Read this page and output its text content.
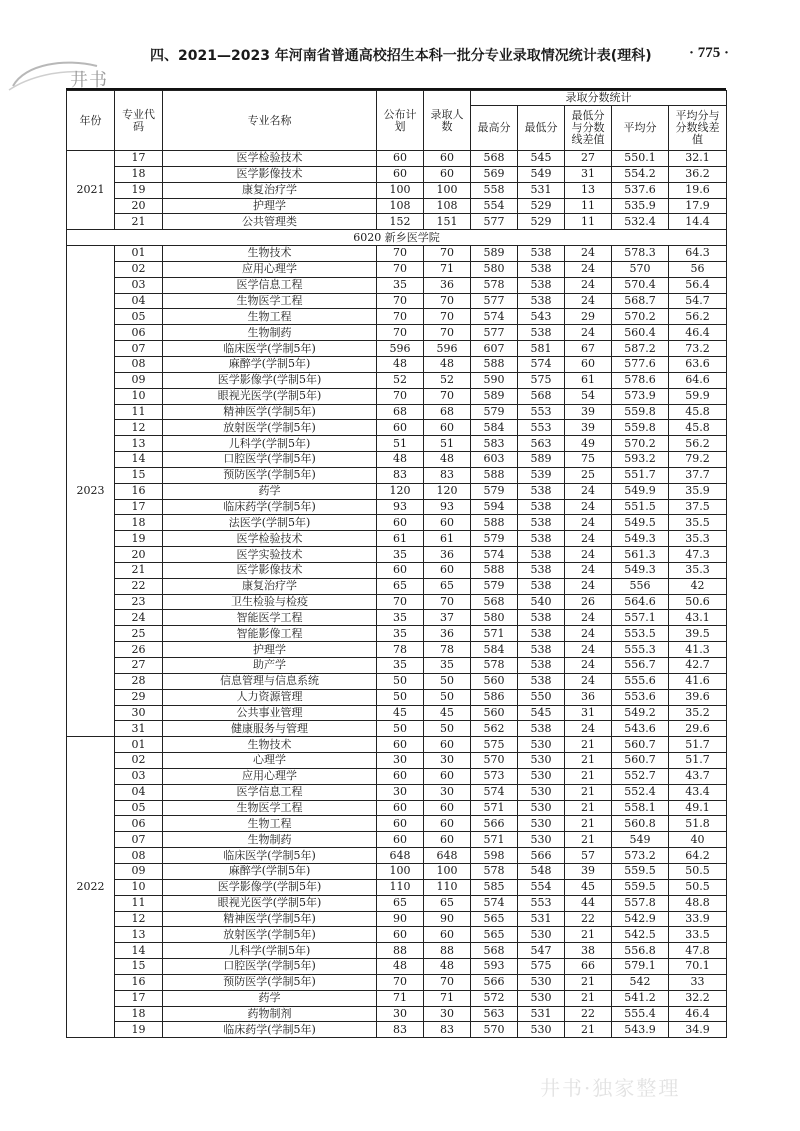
四、2021—2023 年河南省普通高校招生本科一批分专业录取情况统计表(理科) · 775 ·
井书
井书·独家整理
年份	专业代码	专业名称	公布计划	录取人数	录取分数统计				
					最高分	最低分	最低分与分数线差值	平均分	平均分与分数线差值
2021	17	医学检验技术	60	60	568	545	27	550.1	32.1
	18	医学影像技术	60	60	569	549	31	554.2	36.2
	19	康复治疗学	100	100	558	531	13	537.6	19.6
	20	护理学	108	108	554	529	11	535.9	17.9
	21	公共管理类	152	151	577	529	11	532.4	14.4
6020 新乡医学院									
2023	01	生物技术	70	70	589	538	24	578.3	64.3
	02	应用心理学	70	71	580	538	24	570	56
	03	医学信息工程	35	36	578	538	24	570.4	56.4
	04	生物医学工程	70	70	577	538	24	568.7	54.7
	05	生物工程	70	70	574	543	29	570.2	56.2
	06	生物制药	70	70	577	538	24	560.4	46.4
	07	临床医学(学制5年)	596	596	607	581	67	587.2	73.2
	08	麻醉学(学制5年)	48	48	588	574	60	577.6	63.6
	09	医学影像学(学制5年)	52	52	590	575	61	578.6	64.6
	10	眼视光医学(学制5年)	70	70	589	568	54	573.9	59.9
	11	精神医学(学制5年)	68	68	579	553	39	559.8	45.8
	12	放射医学(学制5年)	60	60	584	553	39	559.8	45.8
	13	儿科学(学制5年)	51	51	583	563	49	570.2	56.2
	14	口腔医学(学制5年)	48	48	603	589	75	593.2	79.2
	15	预防医学(学制5年)	83	83	588	539	25	551.7	37.7
	16	药学	120	120	579	538	24	549.9	35.9
	17	临床药学(学制5年)	93	93	594	538	24	551.5	37.5
	18	法医学(学制5年)	60	60	588	538	24	549.5	35.5
	19	医学检验技术	61	61	579	538	24	549.3	35.3
	20	医学实验技术	35	36	574	538	24	561.3	47.3
	21	医学影像技术	60	60	588	538	24	549.3	35.3
	22	康复治疗学	65	65	579	538	24	556	42
	23	卫生检验与检疫	70	70	568	540	26	564.6	50.6
	24	智能医学工程	35	37	580	538	24	557.1	43.1
	25	智能影像工程	35	36	571	538	24	553.5	39.5
	26	护理学	78	78	584	538	24	555.3	41.3
	27	助产学	35	35	578	538	24	556.7	42.7
	28	信息管理与信息系统	50	50	560	538	24	555.6	41.6
	29	人力资源管理	50	50	586	550	36	553.6	39.6
	30	公共事业管理	45	45	560	545	31	549.2	35.2
	31	健康服务与管理	50	50	562	538	24	543.6	29.6
2022	01	生物技术	60	60	575	530	21	560.7	51.7
	02	心理学	30	30	570	530	21	560.7	51.7
	03	应用心理学	60	60	573	530	21	552.7	43.7
	04	医学信息工程	30	30	574	530	21	552.4	43.4
	05	生物医学工程	60	60	571	530	21	558.1	49.1
	06	生物工程	60	60	566	530	21	560.8	51.8
	07	生物制药	60	60	571	530	21	549	40
	08	临床医学(学制5年)	648	648	598	566	57	573.2	64.2
	09	麻醉学(学制5年)	100	100	578	548	39	559.5	50.5
	10	医学影像学(学制5年)	110	110	585	554	45	559.5	50.5
	11	眼视光医学(学制5年)	65	65	574	553	44	557.8	48.8
	12	精神医学(学制5年)	90	90	565	531	22	542.9	33.9
	13	放射医学(学制5年)	60	60	565	530	21	542.5	33.5
	14	儿科学(学制5年)	88	88	568	547	38	556.8	47.8
	15	口腔医学(学制5年)	48	48	593	575	66	579.1	70.1
	16	预防医学(学制5年)	70	70	566	530	21	542	33
	17	药学	71	71	572	530	21	541.2	32.2
	18	药物制剂	30	30	563	531	22	555.4	46.4
	19	临床药学(学制5年)	83	83	570	530	21	543.9	34.9
